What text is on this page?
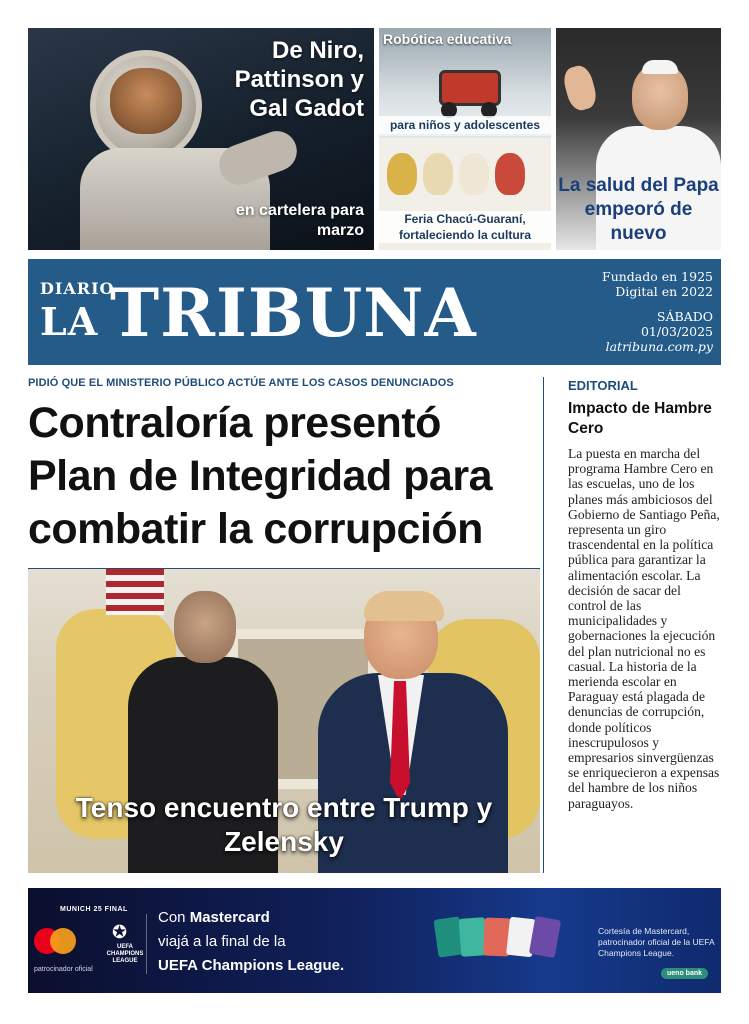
De Niro, Pattinson y Gal Gadot
en cartelera para marzo
Robótica educativa
para niños y adolescentes
Feria Chacú-Guaraní, fortaleciendo la cultura
La salud del Papa empeoró de nuevo
DIARIO
LA TRIBUNA	Fundado en 1925
Digital en 2022
SÁBADO
01/03/2025
latribuna.com.py
PIDIÓ QUE EL MINISTERIO PÚBLICO ACTÚE ANTE LOS CASOS DENUNCIADOS
Contraloría presentó Plan de Integridad para combatir la corrupción
Tenso encuentro entre Trump y Zelensky
EDITORIAL
Impacto de Hambre Cero
La puesta en marcha del programa Hambre Cero en las escuelas, uno de los planes más ambiciosos del Gobierno de Santiago Peña, representa un giro trascendental en la política pública para garantizar la alimentación escolar. La decisión de sacar del control de las municipalidades y gobernaciones la ejecución del plan nutricional no es casual. La historia de la merienda escolar en Paraguay está plagada de denuncias de corrupción, donde políticos inescrupulosos y empresarios sinvergüenzas se enriquecieron a expensas del hambre de los niños paraguayos.
MUNICH 25 FINAL
✪
UEFA CHAMPIONS LEAGUE
patrocinador oficial
Con Mastercard
viajá a la final de la
UEFA Champions League.
Cortesía de Mastercard, patrocinador oficial de la UEFA Champions League.
ueno bank
